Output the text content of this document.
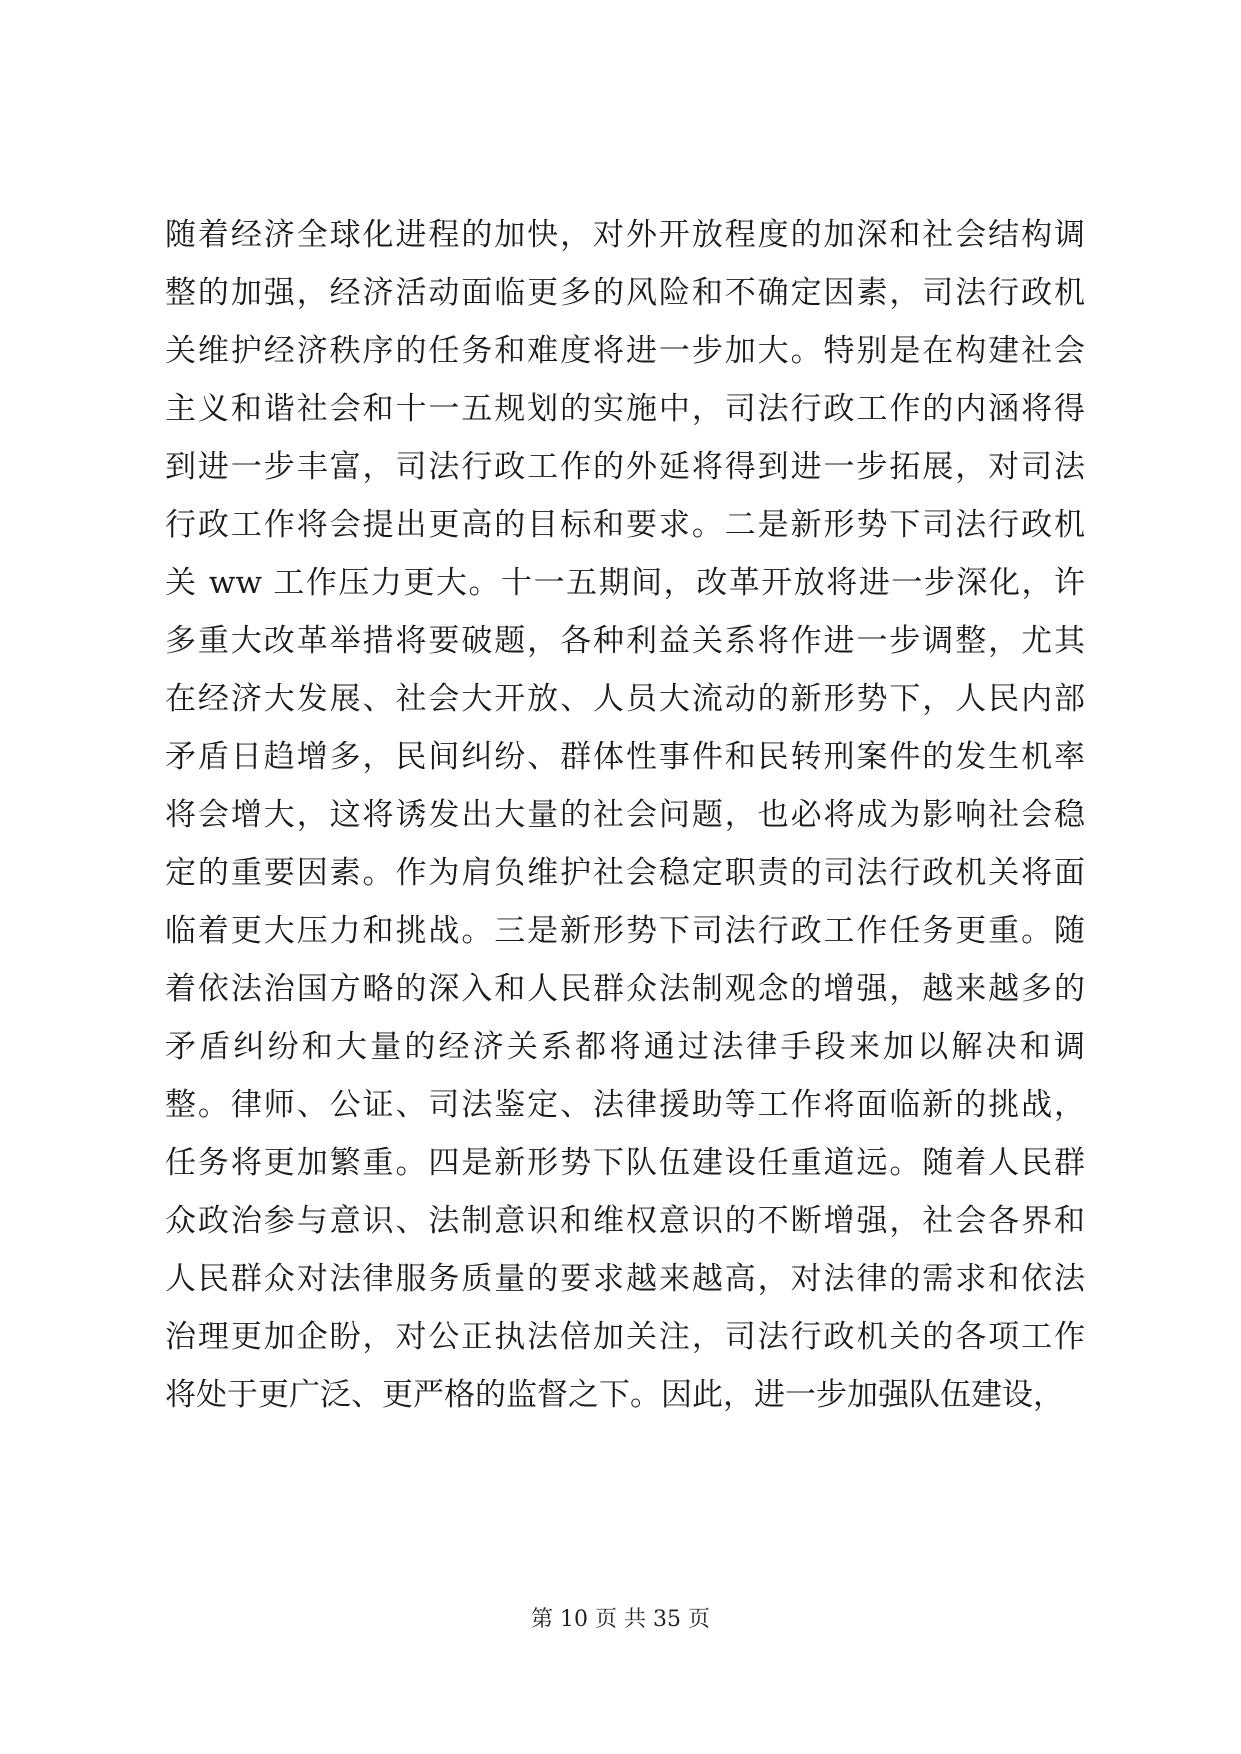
随着经济全球化进程的加快，对外开放程度的加深和社会结构调
整的加强，经济活动面临更多的风险和不确定因素，司法行政机
关维护经济秩序的任务和难度将进一步加大。特别是在构建社会
主义和谐社会和十一五规划的实施中，司法行政工作的内涵将得
到进一步丰富，司法行政工作的外延将得到进一步拓展，对司法
行政工作将会提出更高的目标和要求。二是新形势下司法行政机
关 ww 工作压力更大。十一五期间，改革开放将进一步深化，许
多重大改革举措将要破题，各种利益关系将作进一步调整，尤其
在经济大发展、社会大开放、人员大流动的新形势下，人民内部
矛盾日趋增多，民间纠纷、群体性事件和民转刑案件的发生机率
将会增大，这将诱发出大量的社会问题，也必将成为影响社会稳
定的重要因素。作为肩负维护社会稳定职责的司法行政机关将面
临着更大压力和挑战。三是新形势下司法行政工作任务更重。随
着依法治国方略的深入和人民群众法制观念的增强，越来越多的
矛盾纠纷和大量的经济关系都将通过法律手段来加以解决和调
整。律师、公证、司法鉴定、法律援助等工作将面临新的挑战，
任务将更加繁重。四是新形势下队伍建设任重道远。随着人民群
众政治参与意识、法制意识和维权意识的不断增强，社会各界和
人民群众对法律服务质量的要求越来越高，对法律的需求和依法
治理更加企盼，对公正执法倍加关注，司法行政机关的各项工作
将处于更广泛、更严格的监督之下。因此，进一步加强队伍建设，
第 10 页 共 35 页
